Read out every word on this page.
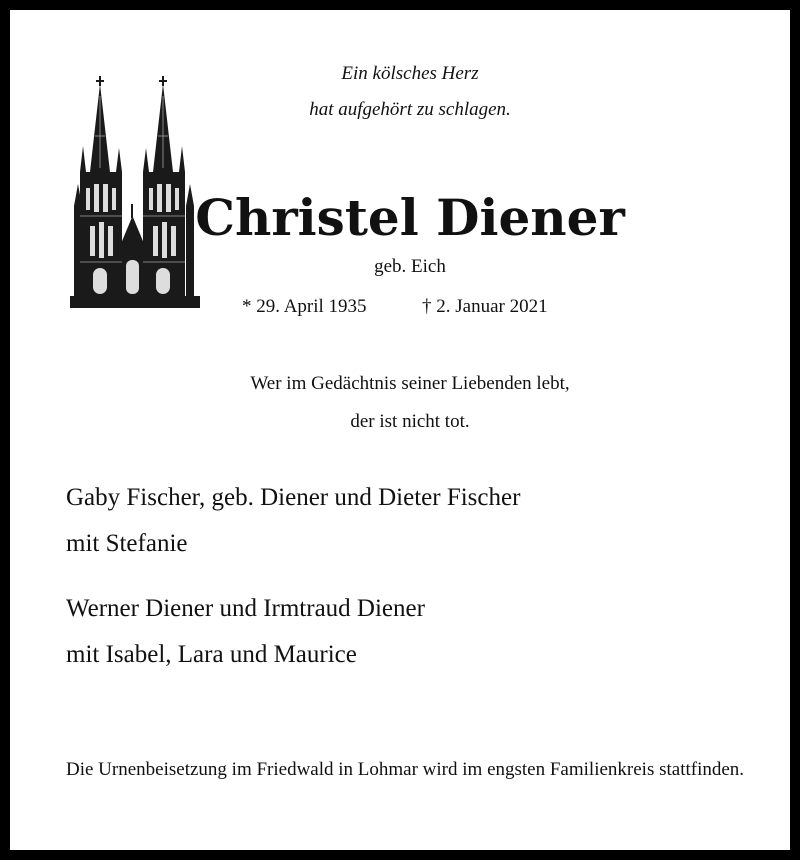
Ein kölsches Herz
hat aufgehört zu schlagen.
Christel Diener
geb. Eich
* 29. April 1935	† 2. Januar 2021
Wer im Gedächtnis seiner Liebenden lebt,
der ist nicht tot.
Gaby Fischer, geb. Diener und Dieter Fischer
mit Stefanie
Werner Diener und Irmtraud Diener
mit Isabel, Lara und Maurice
Die Urnenbeisetzung im Friedwald in Lohmar wird im engsten Familienkreis stattfinden.
